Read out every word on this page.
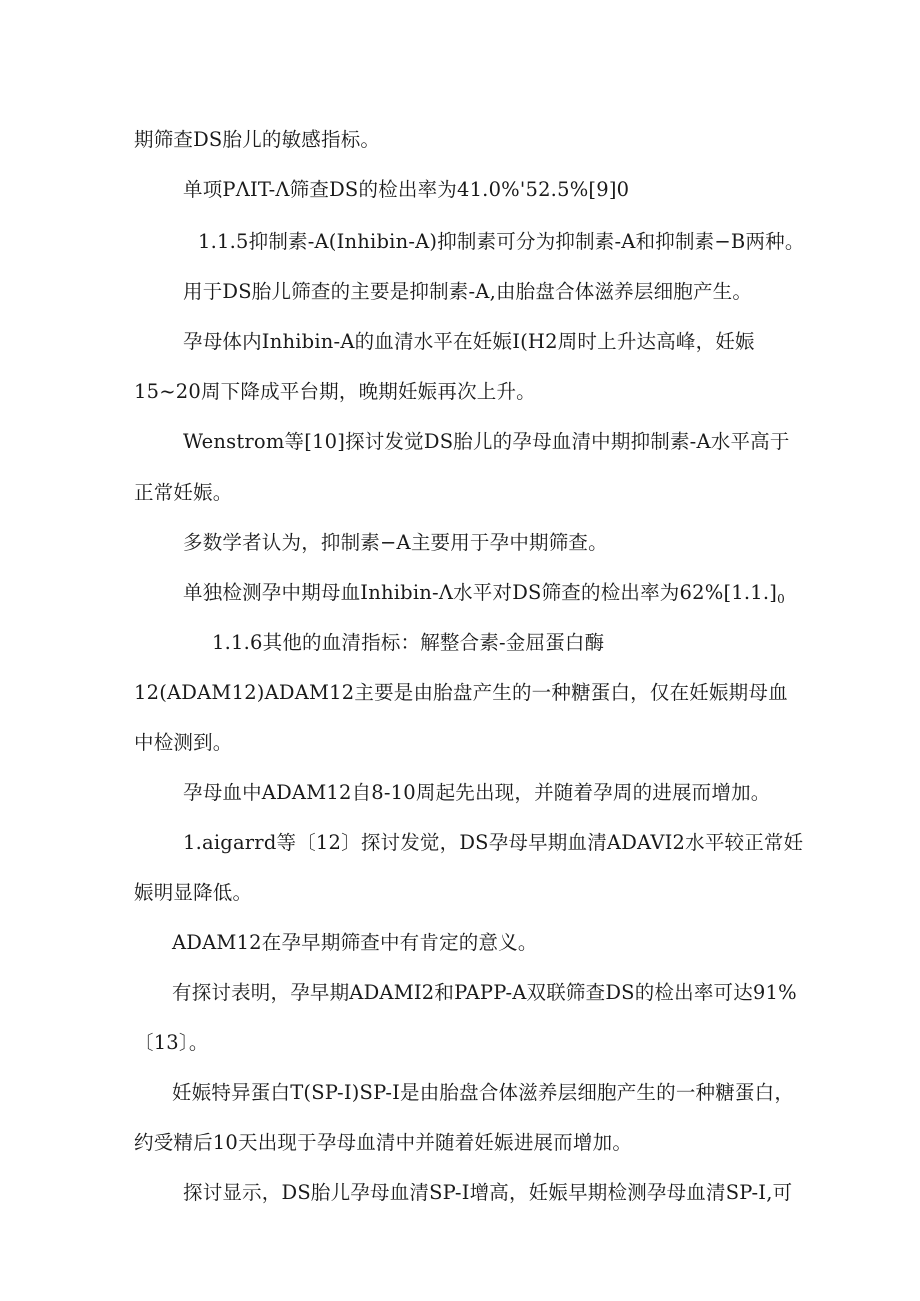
期筛查DS胎儿的敏感指标。
单项PΛIT-Λ筛查DS的检出率为41.0%'52.5%[9]0
1.1.5抑制素-A(Inhibin-A)抑制素可分为抑制素-A和抑制素−B两种。
用于DS胎儿筛查的主要是抑制素-A,由胎盘合体滋养层细胞产生。
孕母体内Inhibin-A的血清水平在妊娠I(H2周时上升达高峰，妊娠
15~20周下降成平台期，晚期妊娠再次上升。
Wenstrom等[10]探讨发觉DS胎儿的孕母血清中期抑制素-A水平高于
正常妊娠。
多数学者认为，抑制素−A主要用于孕中期筛查。
单独检测孕中期母血Inhibin-Λ水平对DS筛查的检出率为$62\%[1.1.]_0$
1.1.6其他的血清指标：解整合素-金屈蛋白酶
12(ADAM12)ADAM12主要是由胎盘产生的一种糖蛋白，仅在妊娠期母血
中检测到。
孕母血中ADAM12自8-10周起先出现，并随着孕周的进展而增加。
1.aigarrd等〔12〕探讨发觉，DS孕母早期血清ADAVI2水平较正常妊
娠明显降低。
ADAM12在孕早期筛查中有肯定的意义。
有探讨表明，孕早期ADAMI2和PAPP-A双联筛查DS的检出率可达91%
〔13〕。
妊娠特异蛋白T(SP-I)SP-I是由胎盘合体滋养层细胞产生的一种糖蛋白，
约受精后10天出现于孕母血清中并随着妊娠进展而增加。
探讨显示，DS胎儿孕母血清SP-I增高，妊娠早期检测孕母血清SP-I,可
